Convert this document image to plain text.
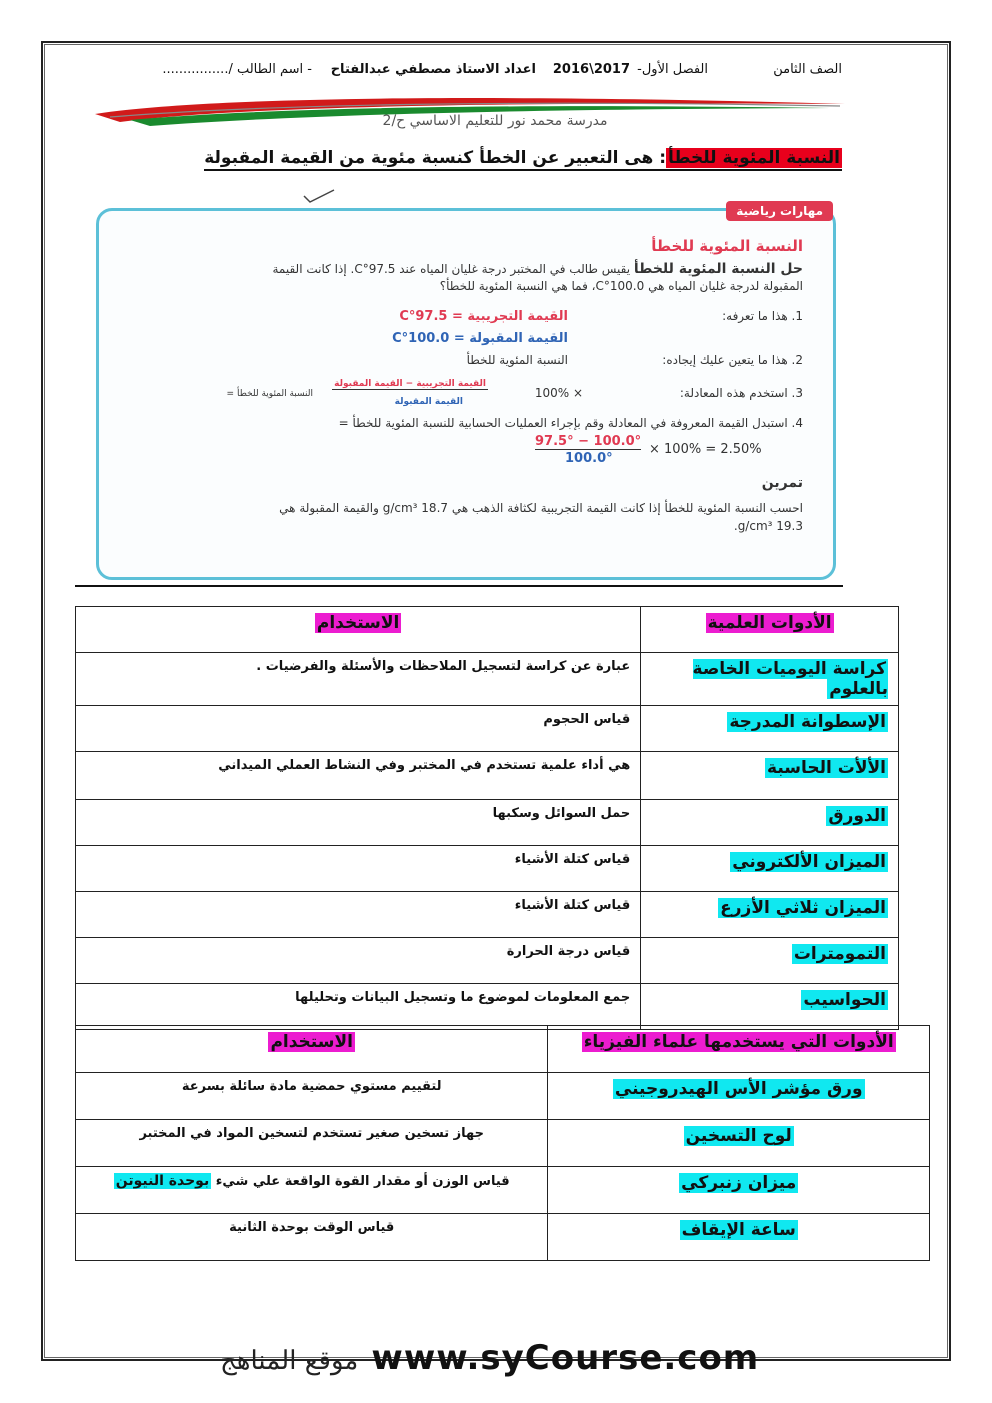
الصف الثامن
الفصل الأول-
2017\2016
اعداد الاستاذ مصطفي عبدالفتاح
- اسم الطالب /................
مدرسة محمد نور للتعليم الاساسي ح/2
النسبة المئوية للخطأ: هى التعبير عن الخطأ كنسبة مئوية من القيمة المقبولة
مهارات رياضية
النسبة المئوية للخطأ
حل النسبة المئوية للخطأ يقيس طالب في المختبر درجة غليان المياه عند 97.5°C. إذا كانت القيمة
المقبولة لدرجة غليان المياه هي 100.0°C، فما هي النسبة المئوية للخطأ؟
1. هذا ما تعرفه:
القيمة التجريبية = 97.5°C
القيمة المقبولة = 100.0°C
2. هذا ما يتعين عليك إيجاده:
النسبة المئوية للخطأ
3. استخدم هذه المعادلة:
× 100%
القيمة التجريبية − القيمة المقبولة
القيمة المقبولة
النسبة المئوية للخطأ =
4. استبدل القيمة المعروفة في المعادلة وقم بإجراء العمليات الحسابية للنسبة المئوية للخطأ =
97.5° − 100.0°
100.0°
× 100% = 2.50%
تمرين
احسب النسبة المئوية للخطأ إذا كانت القيمة التجريبية لكثافة الذهب هي 18.7 g/cm³ والقيمة المقبولة هي
19.3 g/cm³.
الأدوات العلمية	الاستخدام
كراسة اليوميات الخاصة بالعلوم	عبارة عن كراسة لتسجيل الملاحظات والأسئلة والفرضيات .
الإسطوانة المدرجة	قياس الحجوم
الألأت الحاسبة	هي أداء علمية تستخدم في المختبر وفي النشاط العملي الميداني
الدورق	حمل السوائل وسكبها
الميزان الألكتروني	قياس كتلة الأشياء
الميزان ثلاثي الأزرع	قياس كتلة الأشياء
التمومترات	قياس درجة الحرارة
الحواسيب	جمع المعلومات لموضوع ما وتسجيل البيانات وتحليلها
الأدوات التي يستخدمها علماء الفيزياء	الاستخدام
ورق مؤشر الأس الهيدروجيني	لتقييم مستوي حمضية مادة سائلة بسرعة
لوح التسخين	جهاز تسخين صغير تستخدم لتسخين المواد في المختبر
ميزان زنبركي	قياس الوزن أو مقدار القوة الواقعة علي شيء بوحدة النيوتن
ساعة الإيقاف	قياس الوقت بوحدة الثانية
موقع المناهج www.syCourse.com
